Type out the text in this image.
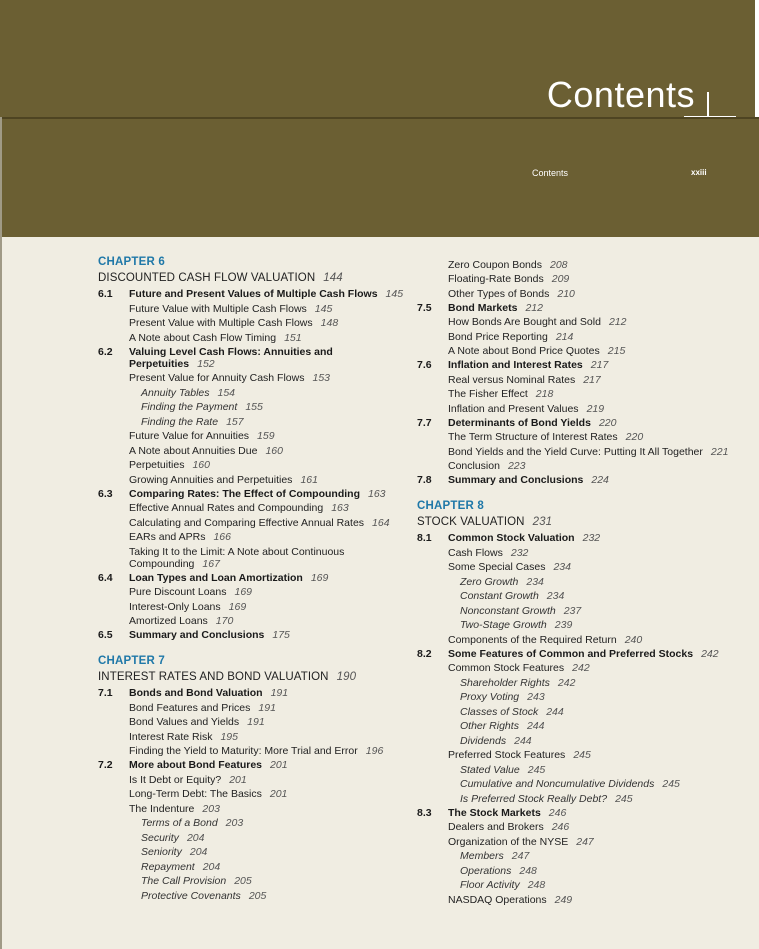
Contents
Contents	xxiii
CHAPTER 6
DISCOUNTED CASH FLOW VALUATION 144
6.1	Future and Present Values of Multiple Cash Flows 145
Future Value with Multiple Cash Flows 145
Present Value with Multiple Cash Flows 148
A Note about Cash Flow Timing 151
6.2	Valuing Level Cash Flows: Annuities and Perpetuities 152
Present Value for Annuity Cash Flows 153
Annuity Tables 154
Finding the Payment 155
Finding the Rate 157
Future Value for Annuities 159
A Note about Annuities Due 160
Perpetuities 160
Growing Annuities and Perpetuities 161
6.3	Comparing Rates: The Effect of Compounding 163
Effective Annual Rates and Compounding 163
Calculating and Comparing Effective Annual Rates 164
EARs and APRs 166
Taking It to the Limit: A Note about Continuous Compounding 167
6.4	Loan Types and Loan Amortization 169
Pure Discount Loans 169
Interest-Only Loans 169
Amortized Loans 170
6.5	Summary and Conclusions 175
CHAPTER 7
INTEREST RATES AND BOND VALUATION 190
7.1	Bonds and Bond Valuation 191
Bond Features and Prices 191
Bond Values and Yields 191
Interest Rate Risk 195
Finding the Yield to Maturity: More Trial and Error 196
7.2	More about Bond Features 201
Is It Debt or Equity? 201
Long-Term Debt: The Basics 201
The Indenture 203
Terms of a Bond 203
Security 204
Seniority 204
Repayment 204
The Call Provision 205
Protective Covenants 205
Zero Coupon Bonds 208
Floating-Rate Bonds 209
Other Types of Bonds 210
7.5	Bond Markets 212
How Bonds Are Bought and Sold 212
Bond Price Reporting 214
A Note about Bond Price Quotes 215
7.6	Inflation and Interest Rates 217
Real versus Nominal Rates 217
The Fisher Effect 218
Inflation and Present Values 219
7.7	Determinants of Bond Yields 220
The Term Structure of Interest Rates 220
Bond Yields and the Yield Curve: Putting It All Together 221
Conclusion 223
7.8	Summary and Conclusions 224
CHAPTER 8
STOCK VALUATION 231
8.1	Common Stock Valuation 232
Cash Flows 232
Some Special Cases 234
Zero Growth 234
Constant Growth 234
Nonconstant Growth 237
Two-Stage Growth 239
Components of the Required Return 240
8.2	Some Features of Common and Preferred Stocks 242
Common Stock Features 242
Shareholder Rights 242
Proxy Voting 243
Classes of Stock 244
Other Rights 244
Dividends 244
Preferred Stock Features 245
Stated Value 245
Cumulative and Noncumulative Dividends 245
Is Preferred Stock Really Debt? 245
8.3	The Stock Markets 246
Dealers and Brokers 246
Organization of the NYSE 247
Members 247
Operations 248
Floor Activity 248
NASDAQ Operations 249
